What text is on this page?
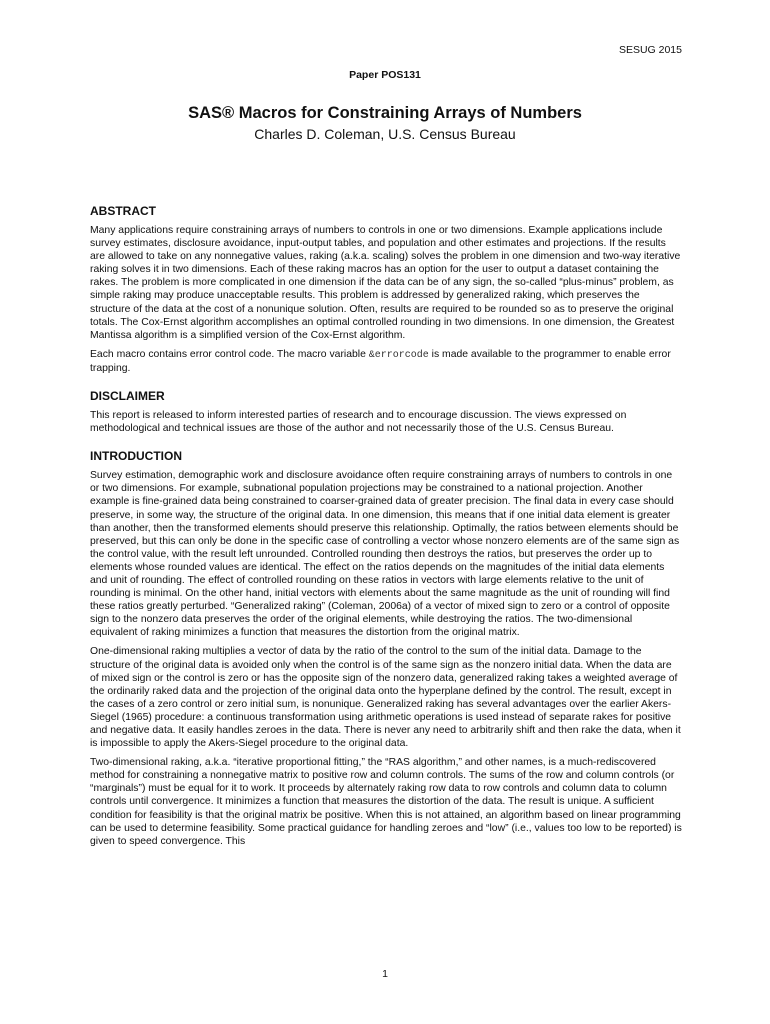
SESUG 2015
Paper POS131
SAS® Macros for Constraining Arrays of Numbers
Charles D. Coleman, U.S. Census Bureau
ABSTRACT

Many applications require constraining arrays of numbers to controls in one or two dimensions. Example applications include survey estimates, disclosure avoidance, input-output tables, and population and other estimates and projections. If the results are allowed to take on any nonnegative values, raking (a.k.a. scaling) solves the problem in one dimension and two-way iterative raking solves it in two dimensions. Each of these raking macros has an option for the user to output a dataset containing the rakes. The problem is more complicated in one dimension if the data can be of any sign, the so-called “plus-minus” problem, as simple raking may produce unacceptable results. This problem is addressed by generalized raking, which preserves the structure of the data at the cost of a nonunique solution. Often, results are required to be rounded so as to preserve the original totals. The Cox-Ernst algorithm accomplishes an optimal controlled rounding in two dimensions. In one dimension, the Greatest Mantissa algorithm is a simplified version of the Cox-Ernst algorithm.

Each macro contains error control code. The macro variable &errorcode is made available to the programmer to enable error trapping.

DISCLAIMER

This report is released to inform interested parties of research and to encourage discussion. The views expressed on methodological and technical issues are those of the author and not necessarily those of the U.S. Census Bureau.

INTRODUCTION

Survey estimation, demographic work and disclosure avoidance often require constraining arrays of numbers to controls in one or two dimensions. For example, subnational population projections may be constrained to a national projection. Another example is fine-grained data being constrained to coarser-grained data of greater precision. The final data in every case should preserve, in some way, the structure of the original data. In one dimension, this means that if one initial data element is greater than another, then the transformed elements should preserve this relationship. Optimally, the ratios between elements should be preserved, but this can only be done in the specific case of controlling a vector whose nonzero elements are of the same sign as the control value, with the result left unrounded. Controlled rounding then destroys the ratios, but preserves the order up to elements whose rounded values are identical. The effect on the ratios depends on the magnitudes of the initial data elements and unit of rounding. The effect of controlled rounding on these ratios in vectors with large elements relative to the unit of rounding is minimal. On the other hand, initial vectors with elements about the same magnitude as the unit of rounding will find these ratios greatly perturbed. “Generalized raking” (Coleman, 2006a) of a vector of mixed sign to zero or a control of opposite sign to the nonzero data preserves the order of the original elements, while destroying the ratios. The two-dimensional equivalent of raking minimizes a function that measures the distortion from the original matrix.

One-dimensional raking multiplies a vector of data by the ratio of the control to the sum of the initial data. Damage to the structure of the original data is avoided only when the control is of the same sign as the nonzero initial data. When the data are of mixed sign or the control is zero or has the opposite sign of the nonzero data, generalized raking takes a weighted average of the ordinarily raked data and the projection of the original data onto the hyperplane defined by the control. The result, except in the cases of a zero control or zero initial sum, is nonunique. Generalized raking has several advantages over the earlier Akers-Siegel (1965) procedure: a continuous transformation using arithmetic operations is used instead of separate rakes for positive and negative data. It easily handles zeroes in the data. There is never any need to arbitrarily shift and then rake the data, when it is impossible to apply the Akers-Siegel procedure to the original data.

Two-dimensional raking, a.k.a. “iterative proportional fitting,” the “RAS algorithm,” and other names, is a much-rediscovered method for constraining a nonnegative matrix to positive row and column controls. The sums of the row and column controls (or “marginals”) must be equal for it to work. It proceeds by alternately raking row data to row controls and column data to column controls until convergence. It minimizes a function that measures the distortion of the data. The result is unique. A sufficient condition for feasibility is that the original matrix be positive. When this is not attained, an algorithm based on linear programming can be used to determine feasibility. Some practical guidance for handling zeroes and “low” (i.e., values too low to be reported) is given to speed convergence. This

1
